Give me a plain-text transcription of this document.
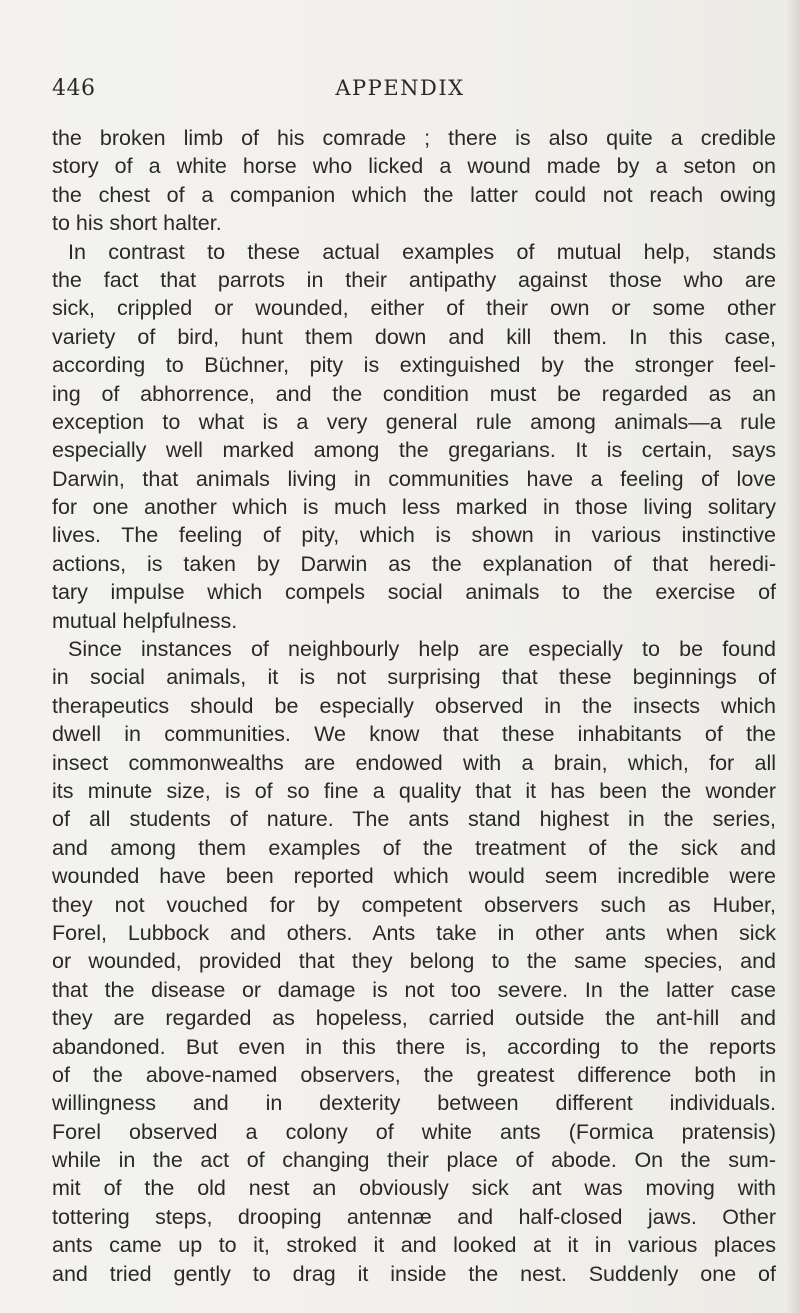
446	APPENDIX
the broken limb of his comrade ; there is also quite a credible
story of a white horse who licked a wound made by a seton on
the chest of a companion which the latter could not reach owing
to his short halter.
In contrast to these actual examples of mutual help, stands
the fact that parrots in their antipathy against those who are
sick, crippled or wounded, either of their own or some other
variety of bird, hunt them down and kill them. In this case,
according to Büchner, pity is extinguished by the stronger feel-
ing of abhorrence, and the condition must be regarded as an
exception to what is a very general rule among animals—a rule
especially well marked among the gregarians. It is certain, says
Darwin, that animals living in communities have a feeling of love
for one another which is much less marked in those living solitary
lives. The feeling of pity, which is shown in various instinctive
actions, is taken by Darwin as the explanation of that heredi-
tary impulse which compels social animals to the exercise of
mutual helpfulness.
Since instances of neighbourly help are especially to be found
in social animals, it is not surprising that these beginnings of
therapeutics should be especially observed in the insects which
dwell in communities. We know that these inhabitants of the
insect commonwealths are endowed with a brain, which, for all
its minute size, is of so fine a quality that it has been the wonder
of all students of nature. The ants stand highest in the series,
and among them examples of the treatment of the sick and
wounded have been reported which would seem incredible were
they not vouched for by competent observers such as Huber,
Forel, Lubbock and others. Ants take in other ants when sick
or wounded, provided that they belong to the same species, and
that the disease or damage is not too severe. In the latter case
they are regarded as hopeless, carried outside the ant-hill and
abandoned. But even in this there is, according to the reports
of the above-named observers, the greatest difference both in
willingness and in dexterity between different individuals.
Forel observed a colony of white ants (Formica pratensis)
while in the act of changing their place of abode. On the sum-
mit of the old nest an obviously sick ant was moving with
tottering steps, drooping antennæ and half-closed jaws. Other
ants came up to it, stroked it and looked at it in various places
and tried gently to drag it inside the nest. Suddenly one of
